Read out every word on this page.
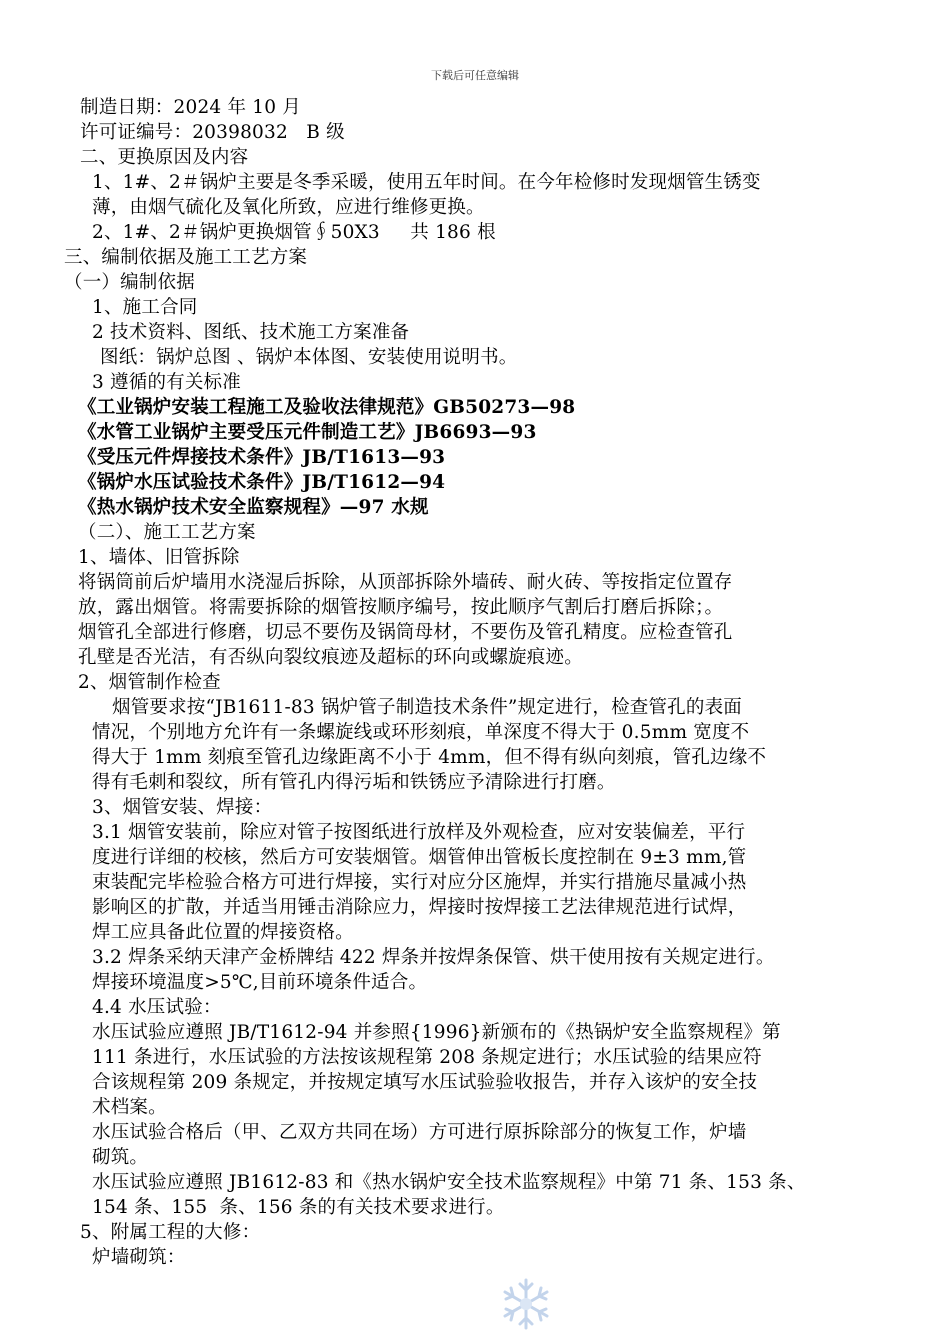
下载后可任意编辑
制造日期：2024 年 10 月
许可证编号：20398032   B 级
二、更换原因及内容
1、1#、2＃锅炉主要是冬季采暖，使用五年时间。在今年检修时发现烟管生锈变
薄，由烟气硫化及氧化所致，应进行维修更换。
2、1#、2＃锅炉更换烟管∮50X3     共 186 根
三、编制依据及施工工艺方案
（一）编制依据
1、施工合同
2 技术资料、图纸、技术施工方案准备
图纸：锅炉总图 、锅炉本体图、安装使用说明书。
3 遵循的有关标准
《工业锅炉安装工程施工及验收法律规范》GB50273—98
《水管工业锅炉主要受压元件制造工艺》JB6693—93
《受压元件焊接技术条件》JB/T1613—93
《锅炉水压试验技术条件》JB/T1612—94
《热水锅炉技术安全监察规程》—97 水规
（二）、施工工艺方案
1、墙体、旧管拆除
将锅筒前后炉墙用水浇湿后拆除，从顶部拆除外墙砖、耐火砖、等按指定位置存
放，露出烟管。将需要拆除的烟管按顺序编号，按此顺序气割后打磨后拆除；。
烟管孔全部进行修磨，切忌不要伤及锅筒母材，不要伤及管孔精度。应检查管孔
孔壁是否光洁，有否纵向裂纹痕迹及超标的环向或螺旋痕迹。
2、烟管制作检查
烟管要求按“JB1611-83 锅炉管子制造技术条件”规定进行，检查管孔的表面
情况，个别地方允许有一条螺旋线或环形刻痕，单深度不得大于 0.5mm 宽度不
得大于 1mm 刻痕至管孔边缘距离不小于 4mm，但不得有纵向刻痕，管孔边缘不
得有毛刺和裂纹，所有管孔内得污垢和铁锈应予清除进行打磨。
3、烟管安装、焊接：
3.1 烟管安装前，除应对管子按图纸进行放样及外观检查，应对安装偏差，平行
度进行详细的校核，然后方可安装烟管。烟管伸出管板长度控制在 9±3 mm,管
束装配完毕检验合格方可进行焊接，实行对应分区施焊，并实行措施尽量减小热
影响区的扩散，并适当用锤击消除应力，焊接时按焊接工艺法律规范进行试焊，
焊工应具备此位置的焊接资格。
3.2 焊条采纳天津产金桥牌结 422 焊条并按焊条保管、烘干使用按有关规定进行。
焊接环境温度>5℃,目前环境条件适合。
4.4 水压试验：
水压试验应遵照 JB/T1612-94 并参照{1996}新颁布的《热锅炉安全监察规程》第
111 条进行，水压试验的方法按该规程第 208 条规定进行；水压试验的结果应符
合该规程第 209 条规定，并按规定填写水压试验验收报告，并存入该炉的安全技
术档案。
水压试验合格后（甲、乙双方共同在场）方可进行原拆除部分的恢复工作，炉墙
砌筑。
水压试验应遵照 JB1612-83 和《热水锅炉安全技术监察规程》中第 71 条、153 条、
154 条、155  条、156 条的有关技术要求进行。
5、附属工程的大修：
炉墙砌筑：
